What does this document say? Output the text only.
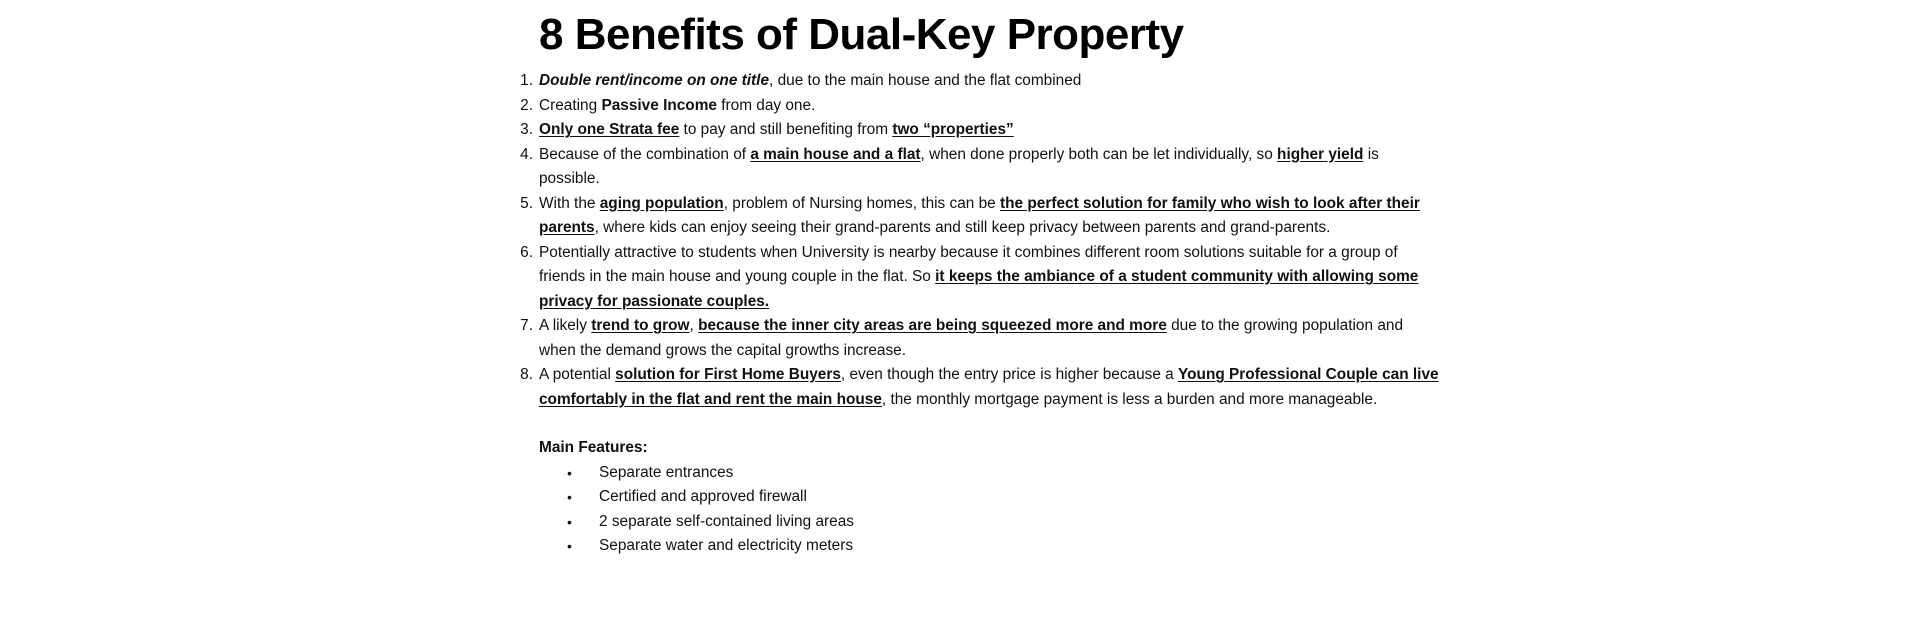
8 Benefits of Dual-Key Property
1. Double rent/income on one title, due to the main house and the flat combined
2. Creating Passive Income from day one.
3. Only one Strata fee to pay and still benefiting from two “properties”
4. Because of the combination of a main house and a flat, when done properly both can be let individually, so higher yield is possible.
5. With the aging population, problem of Nursing homes, this can be the perfect solution for family who wish to look after their parents, where kids can enjoy seeing their grand-parents and still keep privacy between parents and grand-parents.
6. Potentially attractive to students when University is nearby because it combines different room solutions suitable for a group of friends in the main house and young couple in the flat. So it keeps the ambiance of a student community with allowing some privacy for passionate couples.
7. A likely trend to grow, because the inner city areas are being squeezed more and more due to the growing population and when the demand grows the capital growths increase.
8. A potential solution for First Home Buyers, even though the entry price is higher because a Young Professional Couple can live comfortably in the flat and rent the main house, the monthly mortgage payment is less a burden and more manageable.
Main Features:
• Separate entrances
• Certified and approved firewall
• 2 separate self-contained living areas
• Separate water and electricity meters
